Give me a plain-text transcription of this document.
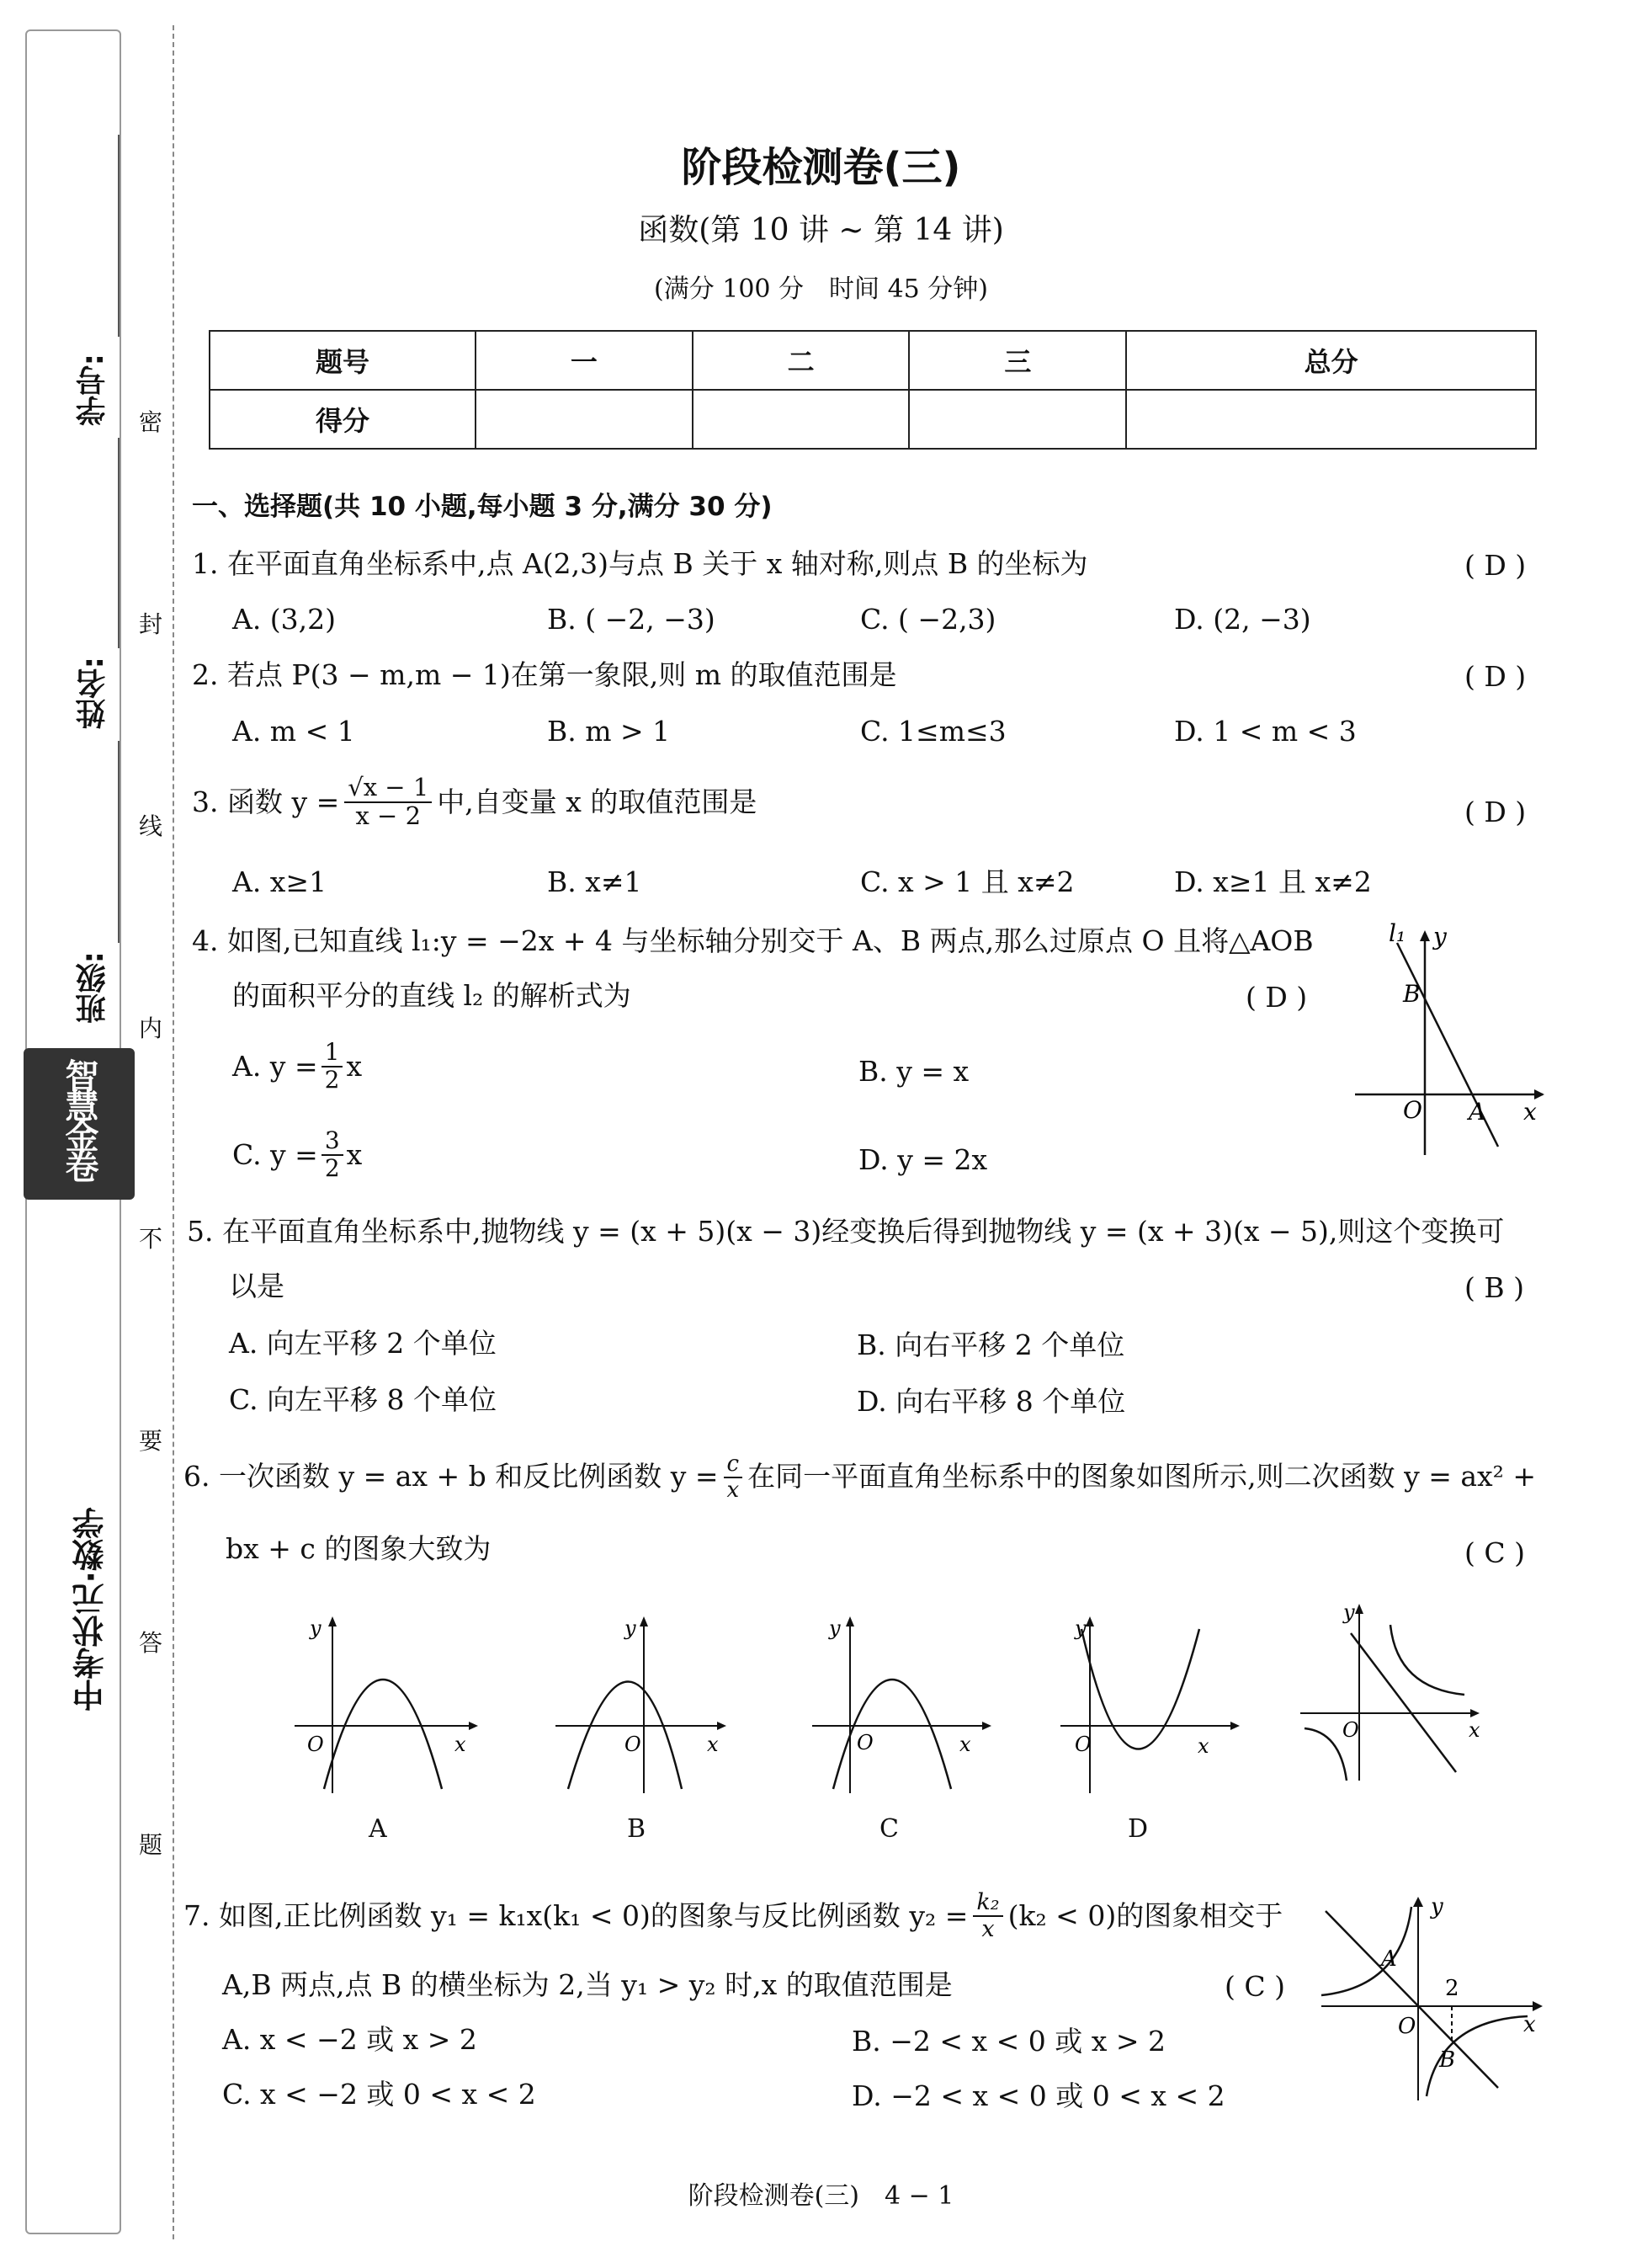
学号:
姓名:
班级:
智慧金卷
中考状元·数学
密
封
线
内
不
要
答
题
阶段检测卷(三)
函数(第 10 讲 ~ 第 14 讲)
(满分 100 分　时间 45 分钟)
题号	一	二	三	总分
得分				
一、选择题(共 10 小题,每小题 3 分,满分 30 分)
1. 在平面直角坐标系中,点 A(2,3)与点 B 关于 x 轴对称,则点 B 的坐标为	( D )
A. (3,2)	B. ( −2, −3)	C. ( −2,3)	D. (2, −3)
2. 若点 P(3 − m,m − 1)在第一象限,则 m 的取值范围是	( D )
A. m < 1	B. m > 1	C. 1≤m≤3	D. 1 < m < 3
3. 函数 $y = \frac{√x - 1}{x - 2}$ 中,自变量 x 的取值范围是	( D )
A. x≥1	B. x≠1	C. x > 1 且 x≠2	D. x≥1 且 x≠2
4. 如图,已知直线 l₁:y = −2x + 4 与坐标轴分别交于 A、B 两点,那么过原点 O 且将△AOB
的面积平分的直线 l₂ 的解析式为	( D )
A. $y = \frac{1}{2}$ x	B. y = x
C. $y = \frac{3}{2}$ x	D. y = 2x
l₁ y
B
O A x
5. 在平面直角坐标系中,抛物线 y = (x + 5)(x − 3)经变换后得到抛物线 y = (x + 3)(x − 5),则这个变换可
以是	( B )
A. 向左平移 2 个单位	B. 向右平移 2 个单位
C. 向左平移 8 个单位	D. 向右平移 8 个单位
6. 一次函数 y = ax + b 和反比例函数 $y = \frac{c}{x}$ 在同一平面直角坐标系中的图象如图所示,则二次函数 y = ax² +
bx + c 的图象大致为	( C )
y
O	x
A
y
O	x
B
y
O	x
C
y
O	x
D
y
O	x
7. 如图,正比例函数 y₁ = k₁x(k₁ < 0)的图象与反比例函数 $y_2 = \frac{\text{k₂}}{x} (k_2 < 0)$的图象相交于
A,B 两点,点 B 的横坐标为 2,当 y₁ > y₂ 时,x 的取值范围是	( C )
A. x < −2 或 x > 2	B. −2 < x < 0 或 x > 2
C. x < −2 或 0 < x < 2	D. −2 < x < 0 或 0 < x < 2
y
A
2
O
B
x
阶段检测卷(三)　4 − 1
